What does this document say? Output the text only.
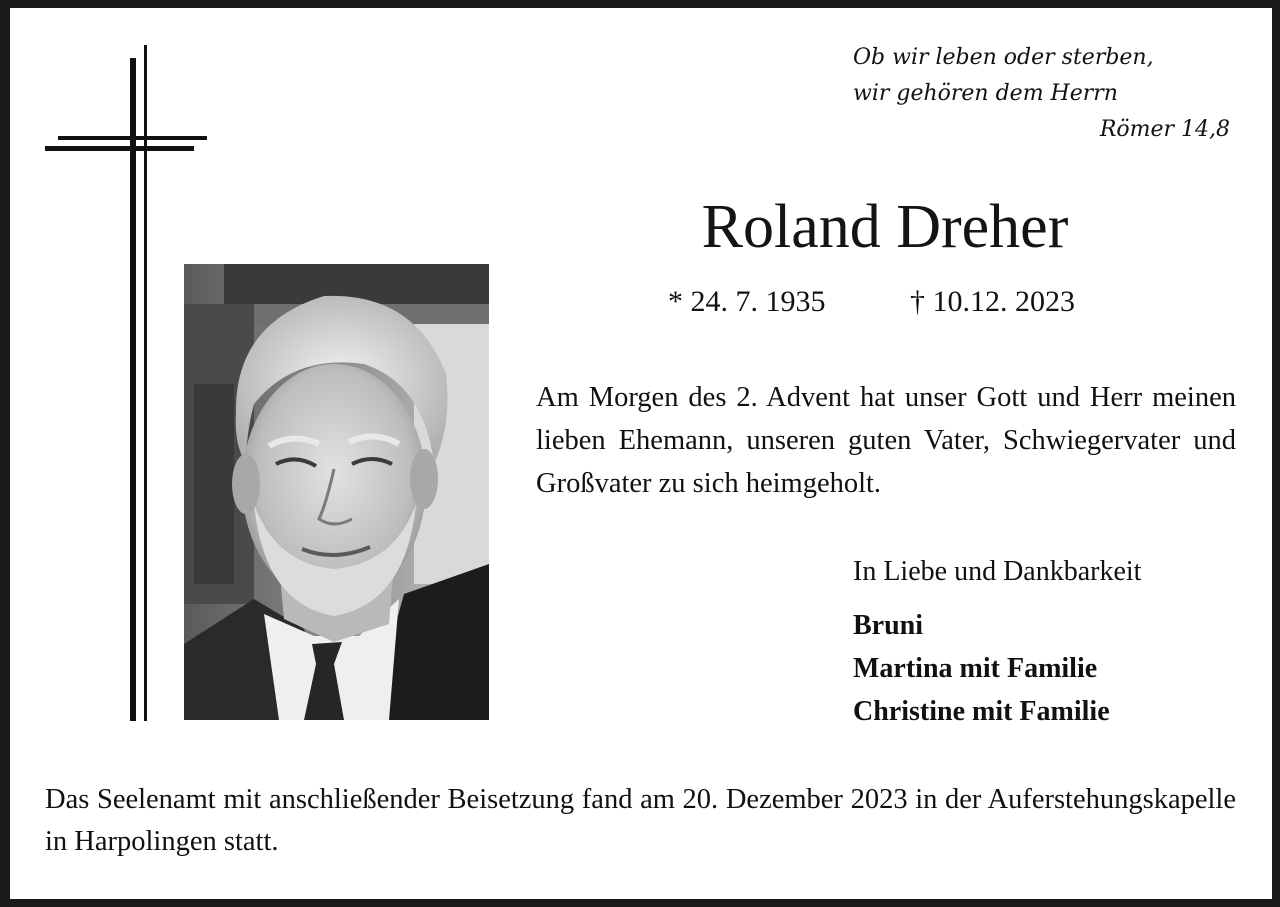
Ob wir leben oder sterben,
wir gehören dem Herrn
Römer 14,8
Roland Dreher
* 24. 7. 1935	† 10.12. 2023
Am Morgen des 2. Advent hat unser Gott und Herr meinen lieben Ehemann, unseren guten Vater, Schwiegervater und Großvater zu sich heimgeholt.
In Liebe und Dankbarkeit
Bruni
Martina mit Familie
Christine mit Familie
Das Seelenamt mit anschließender Beisetzung fand am 20. Dezember 2023 in der Auferstehungskapelle in Harpolingen statt.
